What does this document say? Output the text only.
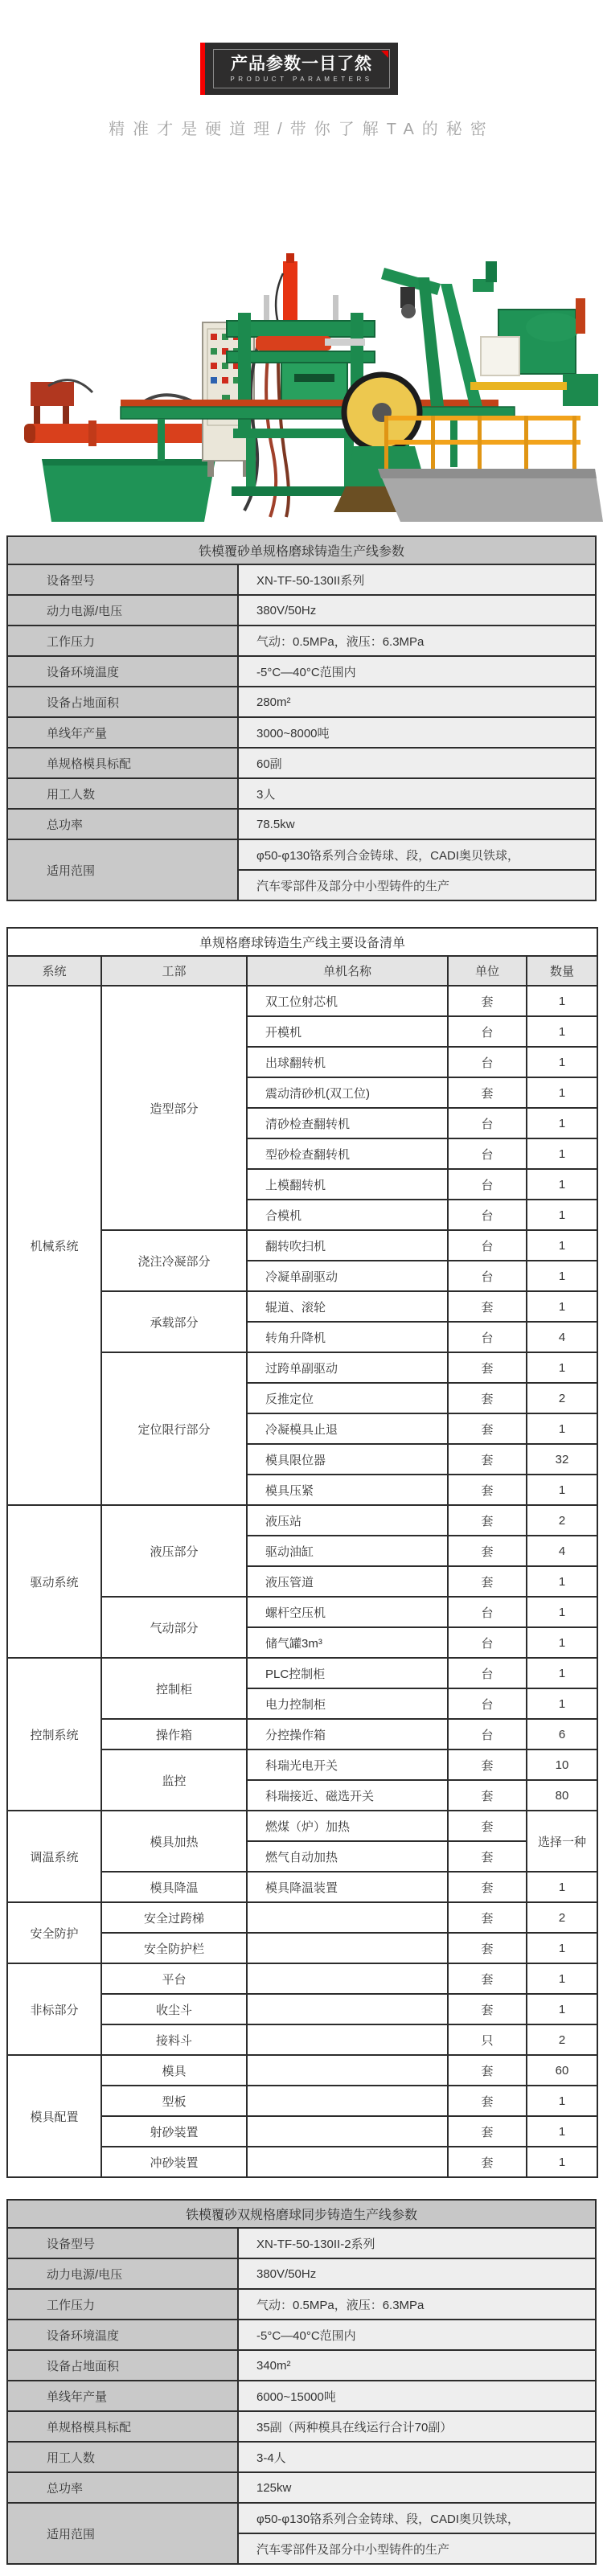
产品参数一目了然
PRODUCT PARAMETERS
精准才是硬道理/带你了解TA的秘密
铁模覆砂单规格磨球铸造生产线参数	
设备型号	XN-TF-50-130II系列
动力电源/电压	380V/50Hz
工作压力	气动：0.5MPa，液压：6.3MPa
设备环境温度	-5°C—40°C范围内
设备占地面积	280m²
单线年产量	3000~8000吨
单规格模具标配	60副
用工人数	3人
总功率	78.5kw
适用范围	φ50-φ130铬系列合金铸球、段，CADI奥贝铁球，
	汽车零部件及部分中小型铸件的生产
单规格磨球铸造生产线主要设备清单				
系统	工部	单机名称	单位	数量
机械系统	造型部分	双工位射芯机	套	1
		开模机	台	1
		出球翻转机	台	1
		震动清砂机(双工位)	套	1
		清砂检查翻转机	台	1
		型砂检查翻转机	台	1
		上模翻转机	台	1
		合模机	台	1
	浇注冷凝部分	翻转吹扫机	台	1
		冷凝单副驱动	台	1
	承载部分	辊道、滚轮	套	1
		转角升降机	台	4
	定位限行部分	过跨单副驱动	套	1
		反推定位	套	2
		冷凝模具止退	套	1
		模具限位器	套	32
		模具压紧	套	1
驱动系统	液压部分	液压站	套	2
		驱动油缸	套	4
		液压管道	套	1
	气动部分	螺杆空压机	台	1
		储气罐3m³	台	1
控制系统	控制柜	PLC控制柜	台	1
		电力控制柜	台	1
	操作箱	分控操作箱	台	6
	监控	科瑞光电开关	套	10
		科瑞接近、磁选开关	套	80
调温系统	模具加热	燃煤（炉）加热	套	选择一种
		燃气自动加热	套	
	模具降温	模具降温装置	套	1
安全防护	安全过跨梯		套	2
	安全防护栏		套	1
非标部分	平台		套	1
	收尘斗		套	1
	接料斗		只	2
模具配置	模具		套	60
	型板		套	1
	射砂装置		套	1
	冲砂装置		套	1
铁模覆砂双规格磨球同步铸造生产线参数	
设备型号	XN-TF-50-130II-2系列
动力电源/电压	380V/50Hz
工作压力	气动：0.5MPa，液压：6.3MPa
设备环境温度	-5°C—40°C范围内
设备占地面积	340m²
单线年产量	6000~15000吨
单规格模具标配	35副（两种模具在线运行合计70副）
用工人数	3-4人
总功率	125kw
适用范围	φ50-φ130铬系列合金铸球、段，CADI奥贝铁球，
	汽车零部件及部分中小型铸件的生产
